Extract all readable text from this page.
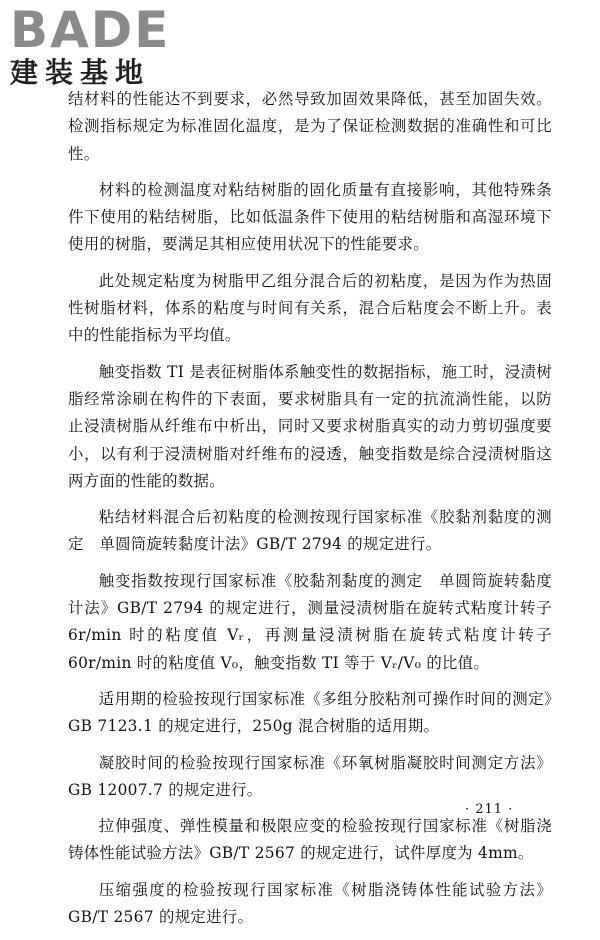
BADE
建装基地

结材料的性能达不到要求，必然导致加固效果降低，甚至加固失效。检测指标规定为标准固化温度，是为了保证检测数据的准确性和可比性。

材料的检测温度对粘结树脂的固化质量有直接影响，其他特殊条件下使用的粘结树脂，比如低温条件下使用的粘结树脂和高湿环境下使用的树脂，要满足其相应使用状况下的性能要求。

此处规定粘度为树脂甲乙组分混合后的初粘度，是因为作为热固性树脂材料，体系的粘度与时间有关系，混合后粘度会不断上升。表中的性能指标为平均值。

触变指数 TI 是表征树脂体系触变性的数据指标，施工时，浸渍树脂经常涂刷在构件的下表面，要求树脂具有一定的抗流淌性能，以防止浸渍树脂从纤维布中析出，同时又要求树脂真实的动力剪切强度要小，以有利于浸渍树脂对纤维布的浸透，触变指数是综合浸渍树脂这两方面的性能的数据。

粘结材料混合后初粘度的检测按现行国家标准《胶黏剂黏度的测定　单圆筒旋转黏度计法》GB/T 2794 的规定进行。

触变指数按现行国家标准《胶黏剂黏度的测定　单圆筒旋转黏度计法》GB/T 2794 的规定进行，测量浸渍树脂在旋转式粘度计转子 6r/min 时的粘度值 Vᵣ，再测量浸渍树脂在旋转式粘度计转子 60r/min 时的粘度值 V₀，触变指数 TI 等于 Vᵣ/V₀ 的比值。

适用期的检验按现行国家标准《多组分胶粘剂可操作时间的测定》GB 7123.1 的规定进行，250g 混合树脂的适用期。

凝胶时间的检验按现行国家标准《环氧树脂凝胶时间测定方法》GB 12007.7 的规定进行。

拉伸强度、弹性模量和极限应变的检验按现行国家标准《树脂浇铸体性能试验方法》GB/T 2567 的规定进行，试件厚度为 4mm。

压缩强度的检验按现行国家标准《树脂浇铸体性能试验方法》GB/T 2567 的规定进行。

· 211 ·
